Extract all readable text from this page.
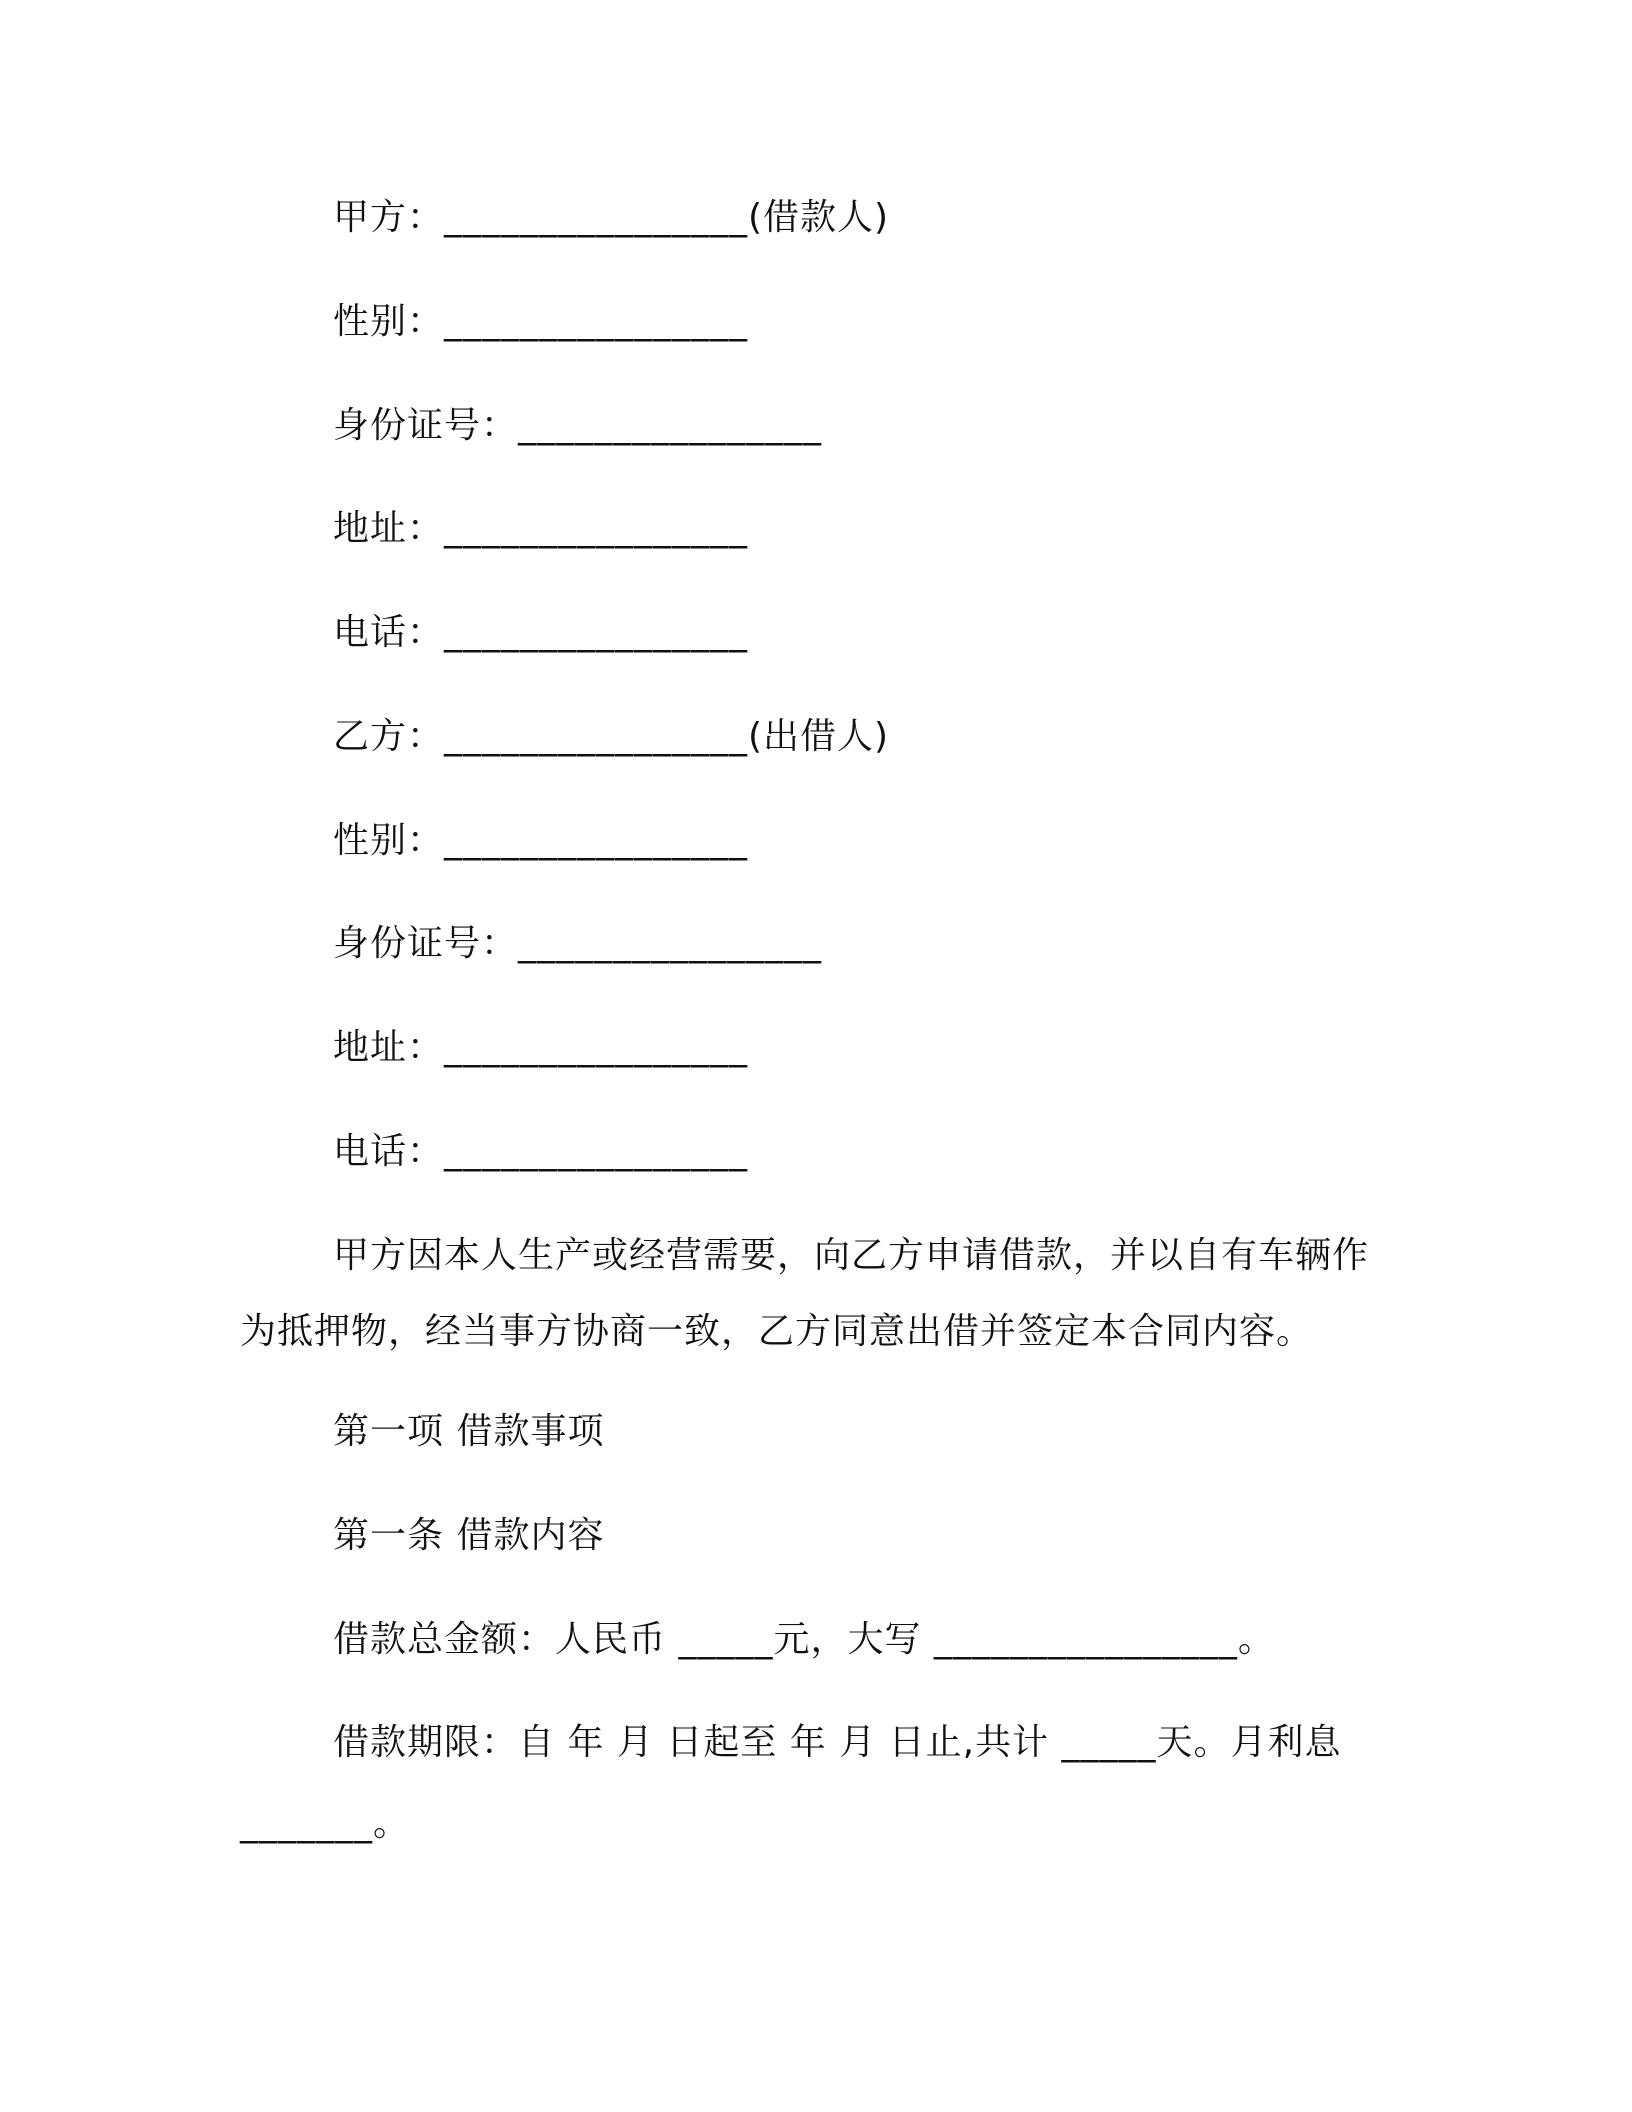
甲方：________________(借款人)
性别：________________
身份证号：________________
地址：________________
电话：________________
乙方：________________(出借人)
性别：________________
身份证号：________________
地址：________________
电话：________________
甲方因本人生产或经营需要，向乙方申请借款，并以自有车辆作
为抵押物，经当事方协商一致，乙方同意出借并签定本合同内容。
第一项 借款事项
第一条 借款内容
借款总金额：人民币 _____元，大写 ________________。
借款期限：自 年 月 日起至 年 月 日止,共计 _____天。月利息
_______。
